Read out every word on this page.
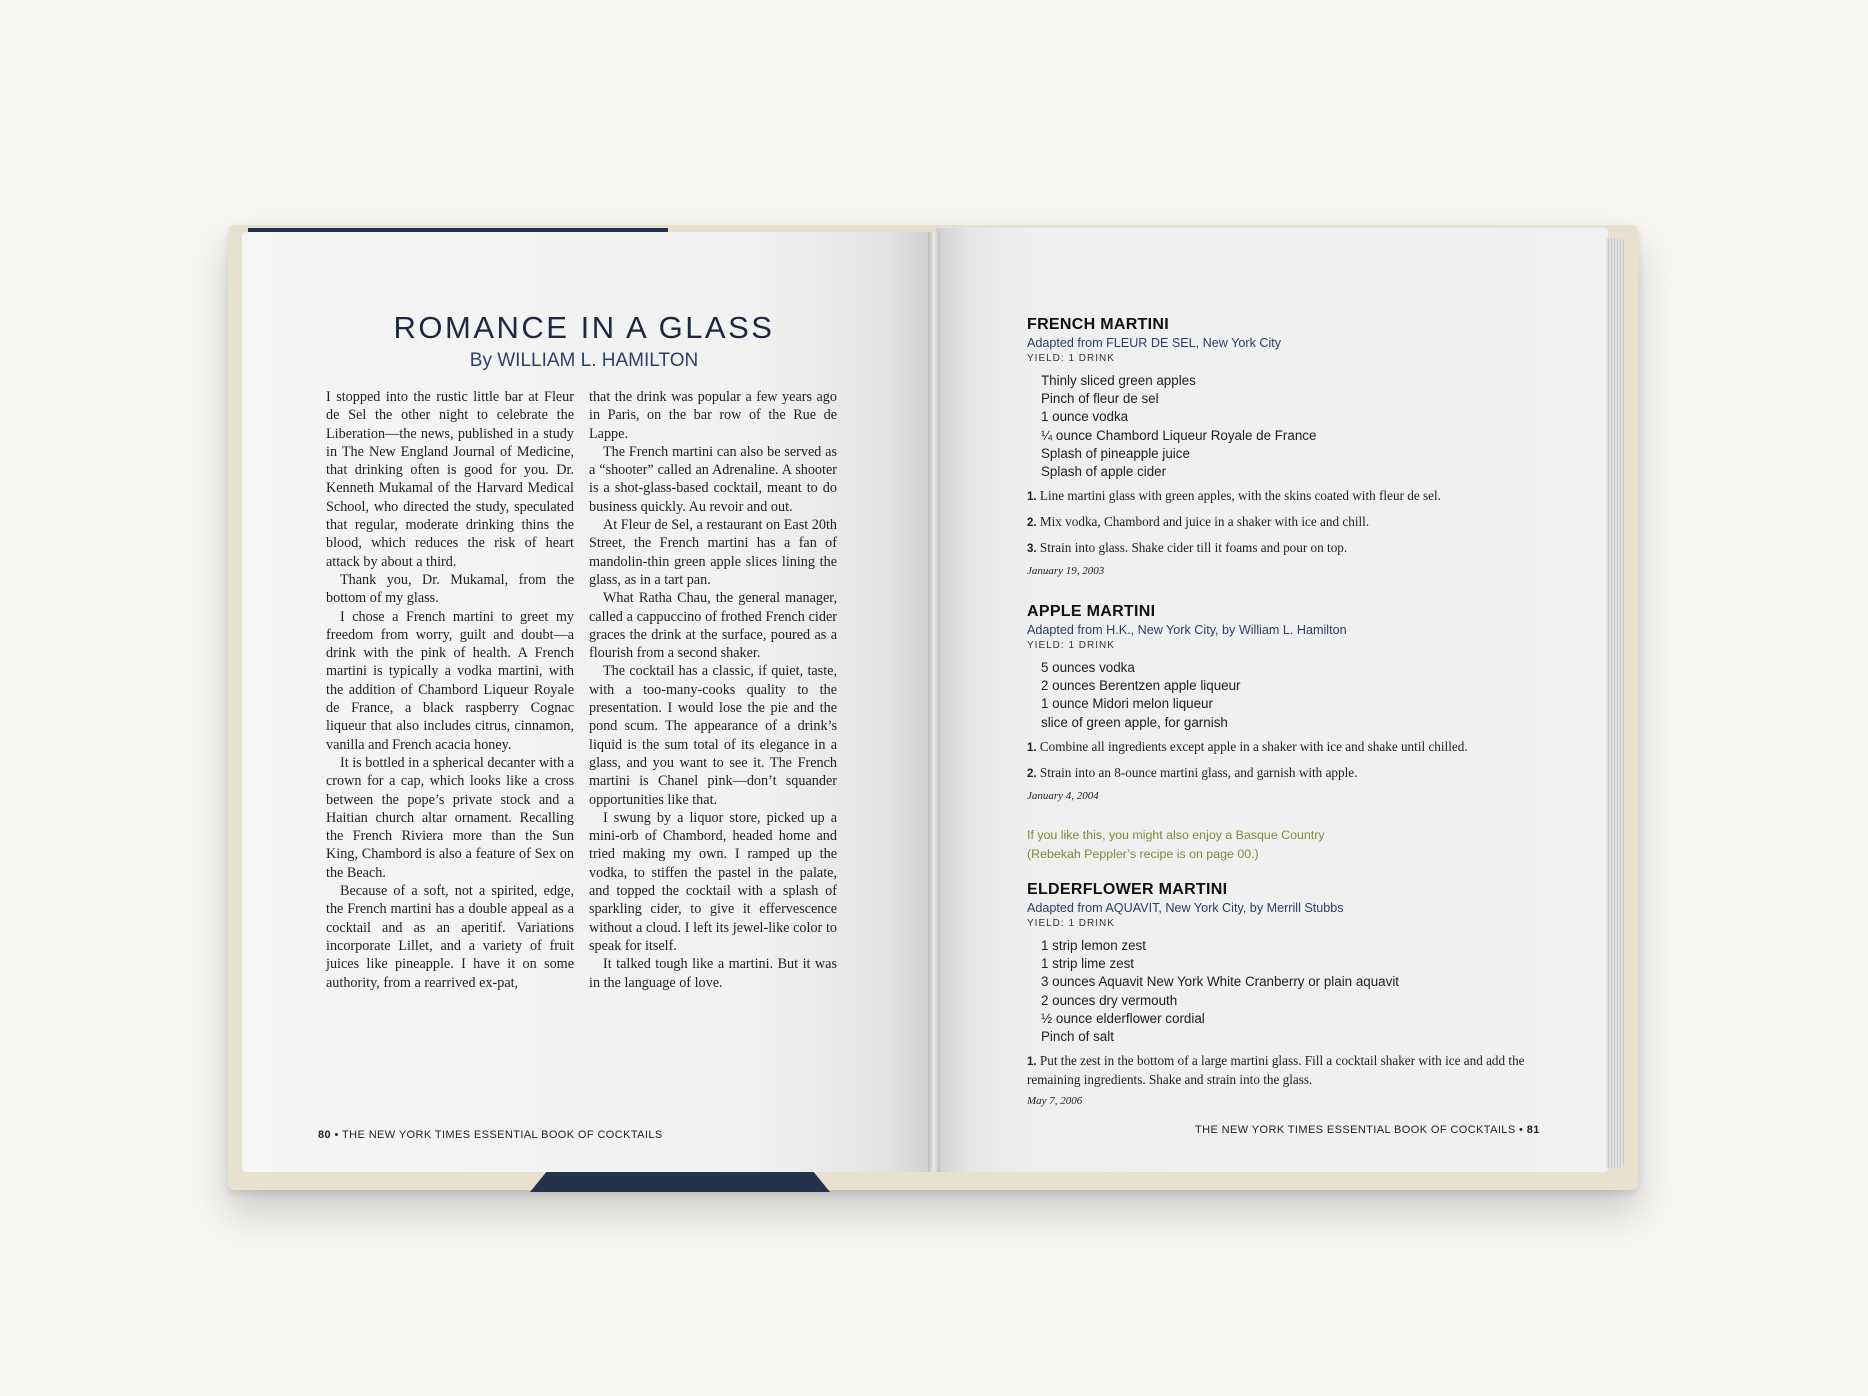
ROMANCE IN A GLASS
By WILLIAM L. HAMILTON

I stopped into the rustic little bar at Fleur de Sel the other night to celebrate the Liberation—the news, published in a study in The New England Journal of Medicine, that drinking often is good for you. Dr. Kenneth Mukamal of the Harvard Medical School, who directed the study, speculated that regular, moderate drinking thins the blood, which reduces the risk of heart attack by about a third.

Thank you, Dr. Mukamal, from the bottom of my glass.

I chose a French martini to greet my freedom from worry, guilt and doubt—a drink with the pink of health. A French martini is typically a vodka martini, with the addition of Chambord Liqueur Royale de France, a black raspberry Cognac liqueur that also includes citrus, cinnamon, vanilla and French acacia honey.

It is bottled in a spherical decanter with a crown for a cap, which looks like a cross between the pope’s private stock and a Haitian church altar ornament. Recalling the French Riviera more than the Sun King, Chambord is also a feature of Sex on the Beach.

Because of a soft, not a spirited, edge, the French martini has a double appeal as a cocktail and as an aperitif. Variations incorporate Lillet, and a variety of fruit juices like pineapple. I have it on some authority, from a rearrived ex-pat,

that the drink was popular a few years ago in Paris, on the bar row of the Rue de Lappe.

The French martini can also be served as a “shooter” called an Adrenaline. A shooter is a shot-glass-based cocktail, meant to do business quickly. Au revoir and out.

At Fleur de Sel, a restaurant on East 20th Street, the French martini has a fan of mandolin-thin green apple slices lining the glass, as in a tart pan.

What Ratha Chau, the general manager, called a cappuccino of frothed French cider graces the drink at the surface, poured as a flourish from a second shaker.

The cocktail has a classic, if quiet, taste, with a too-many-cooks quality to the presentation. I would lose the pie and the pond scum. The appearance of a drink’s liquid is the sum total of its elegance in a glass, and you want to see it. The French martini is Chanel pink—don’t squander opportunities like that.

I swung by a liquor store, picked up a mini-orb of Chambord, headed home and tried making my own. I ramped up the vodka, to stiffen the pastel in the palate, and topped the cocktail with a splash of sparkling cider, to give it effervescence without a cloud. I left its jewel-like color to speak for itself.

It talked tough like a martini. But it was in the language of love.

80 • THE NEW YORK TIMES ESSENTIAL BOOK OF COCKTAILS
FRENCH MARTINI
Adapted from FLEUR DE SEL, New York City
YIELD: 1 DRINK
Thinly sliced green apples
Pinch of fleur de sel
1 ounce vodka
¼ ounce Chambord Liqueur Royale de France
Splash of pineapple juice
Splash of apple cider
1. Line martini glass with green apples, with the skins coated with fleur de sel.
2. Mix vodka, Chambord and juice in a shaker with ice and chill.
3. Strain into glass. Shake cider till it foams and pour on top.
January 19, 2003
APPLE MARTINI
Adapted from H.K., New York City, by William L. Hamilton
YIELD: 1 DRINK
5 ounces vodka
2 ounces Berentzen apple liqueur
1 ounce Midori melon liqueur
slice of green apple, for garnish
1. Combine all ingredients except apple in a shaker with ice and shake until chilled.
2. Strain into an 8-ounce martini glass, and garnish with apple.
January 4, 2004
If you like this, you might also enjoy a Basque Country
(Rebekah Peppler’s recipe is on page 00.)
ELDERFLOWER MARTINI
Adapted from AQUAVIT, New York City, by Merrill Stubbs
YIELD: 1 DRINK
1 strip lemon zest
1 strip lime zest
3 ounces Aquavit New York White Cranberry or plain aquavit
2 ounces dry vermouth
½ ounce elderflower cordial
Pinch of salt
1. Put the zest in the bottom of a large martini glass. Fill a cocktail shaker with ice and add the remaining ingredients. Shake and strain into the glass.
May 7, 2006
THE NEW YORK TIMES ESSENTIAL BOOK OF COCKTAILS • 81
